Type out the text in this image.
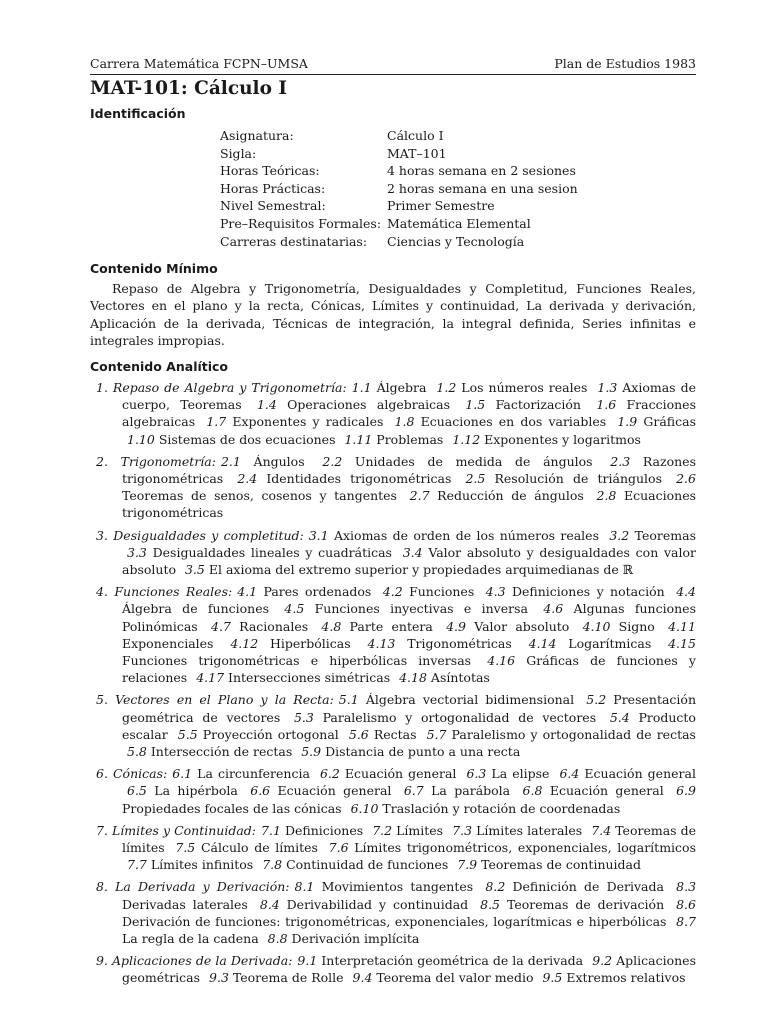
Carrera Matemática FCPN–UMSA	Plan de Estudios 1983
MAT-101: Cálculo I
Identificación
Asignatura:	Cálculo I
Sigla:	MAT–101
Horas Teóricas:	4 horas semana en 2 sesiones
Horas Prácticas:	2 horas semana en una sesion
Nivel Semestral:	Primer Semestre
Pre–Requisitos Formales: Matemática Elemental
Carreras destinatarias:	Ciencias y Tecnología
Contenido Mínimo
Repaso de Algebra y Trigonometría, Desigualdades y Completitud, Funciones Reales, Vectores en el plano y la recta, Cónicas, Límites y continuidad, La derivada y derivación, Aplicación de la derivada, Técnicas de integración, la integral definida, Series infinitas e integrales impropias.
Contenido Analítico
1. Repaso de Algebra y Trigonometría: 1.1 Álgebra 1.2 Los números reales 1.3 Axiomas de cuerpo, Teoremas 1.4 Operaciones algebraicas 1.5 Factorización 1.6 Fracciones algebraicas 1.7 Exponentes y radicales 1.8 Ecuaciones en dos variables 1.9 Gráficas 1.10 Sistemas de dos ecuaciones 1.11 Problemas 1.12 Exponentes y logaritmos
2. Trigonometría: 2.1 Ángulos 2.2 Unidades de medida de ángulos 2.3 Razones trigonométricas 2.4 Identidades trigonométricas 2.5 Resolución de triángulos 2.6 Teoremas de senos, cosenos y tangentes 2.7 Reducción de ángulos 2.8 Ecuaciones trigonométricas
3. Desigualdades y completitud: 3.1 Axiomas de orden de los números reales 3.2 Teoremas 3.3 Desigualdades lineales y cuadráticas 3.4 Valor absoluto y desigualdades con valor absoluto 3.5 El axioma del extremo superior y propiedades arquimedianas de ℝ
4. Funciones Reales: 4.1 Pares ordenados 4.2 Funciones 4.3 Definiciones y notación 4.4 Álgebra de funciones 4.5 Funciones inyectivas e inversa 4.6 Algunas funciones Polinómicas 4.7 Racionales 4.8 Parte entera 4.9 Valor absoluto 4.10 Signo 4.11 Exponenciales 4.12 Hiperbólicas 4.13 Trigonométricas 4.14 Logarítmicas 4.15 Funciones trigonométricas e hiperbólicas inversas 4.16 Gráficas de funciones y relaciones 4.17 Intersecciones simétricas 4.18 Asíntotas
5. Vectores en el Plano y la Recta: 5.1 Álgebra vectorial bidimensional 5.2 Presentación geométrica de vectores 5.3 Paralelismo y ortogonalidad de vectores 5.4 Producto escalar 5.5 Proyección ortogonal 5.6 Rectas 5.7 Paralelismo y ortogonalidad de rectas 5.8 Intersección de rectas 5.9 Distancia de punto a una recta
6. Cónicas: 6.1 La circunferencia 6.2 Ecuación general 6.3 La elipse 6.4 Ecuación general 6.5 La hipérbola 6.6 Ecuación general 6.7 La parábola 6.8 Ecuación general 6.9 Propiedades focales de las cónicas 6.10 Traslación y rotación de coordenadas
7. Límites y Continuidad: 7.1 Definiciones 7.2 Límites 7.3 Límites laterales 7.4 Teoremas de límites 7.5 Cálculo de límites 7.6 Límites trigonométricos, exponenciales, logarítmicos 7.7 Límites infinitos 7.8 Continuidad de funciones 7.9 Teoremas de continuidad
8. La Derivada y Derivación: 8.1 Movimientos tangentes 8.2 Definición de Derivada 8.3 Derivadas laterales 8.4 Derivabilidad y continuidad 8.5 Teoremas de derivación 8.6 Derivación de funciones: trigonométricas, exponenciales, logarítmicas e hiperbólicas 8.7 La regla de la cadena 8.8 Derivación implícita
9. Aplicaciones de la Derivada: 9.1 Interpretación geométrica de la derivada 9.2 Aplicaciones geométricas 9.3 Teorema de Rolle 9.4 Teorema del valor medio 9.5 Extremos relativos
